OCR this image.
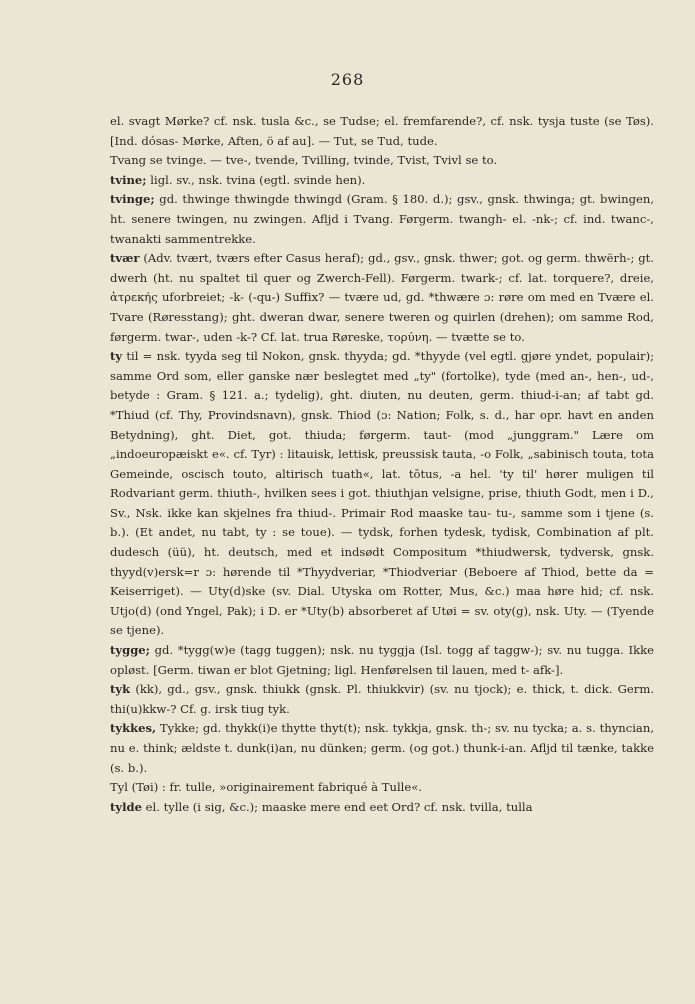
268

el. svagt Mørke? cf. nsk. tusla &c., se Tudse; el. fremfarende?, cf. nsk. tysja tuste (se Tøs). [Ind. dósas- Mørke, Aften, ö af au]. — Tut, se Tud, tude.

Tvang se tvinge. — tve-, tvende, Tvilling, tvinde, Tvist, Tvivl se to.

tvine; ligl. sv., nsk. tvina (egtl. svinde hen).

tvinge; gd. thwinge thwingde thwingd (Gram. § 180. d.); gsv., gnsk. thwinga; gt. bwingen, ht. senere twingen, nu zwingen. Afljd i Tvang. Førgerm. twangh- el. -nk-; cf. ind. twanc-, twanakti sammentrekke.

tvær (Adv. tvært, tværs efter Casus heraf); gd., gsv., gnsk. thwer; got. og germ. thwërh-; gt. dwerh (ht. nu spaltet til quer og Zwerch-Fell). Førgerm. twark-; cf. lat. torquere?, dreie, ἀτρεκής uforbreiet; -k- (-qu-) Suffix? — tvære ud, gd. *thwære ɔ: røre om med en Tvære el. Tvare (Røresstang); ght. dweran dwar, senere tweren og quirlen (drehen); om samme Rod, førgerm. twar-, uden -k-? Cf. lat. trua Røreske, τορύνη. — tvætte se to.

ty til = nsk. tyyda seg til Nokon, gnsk. thyyda; gd. *thyyde (vel egtl. gjøre yndet, populair); samme Ord som, eller ganske nær beslegtet med „ty" (fortolke), tyde (med an-, hen-, ud-, betyde : Gram. § 121. a.; tydelig), ght. diuten, nu deuten, germ. thiud-i-an; af tabt gd. *Thiud (cf. Thy, Provindsnavn), gnsk. Thiod (ɔ: Nation; Folk, s. d., har opr. havt en anden Betydning), ght. Diet, got. thiuda; førgerm. taut- (mod „junggram." Lære om „indoeuropæiskt e«. cf. Tyr) : litauisk, lettisk, preussisk tauta, -o Folk, „sabinisch touta, tota Gemeinde, oscisch touto, altirisch tuath«, lat. tōtus, -a hel. 'ty til' hører muligen til Rodvariant germ. thiuth-, hvilken sees i got. thiuthjan velsigne, prise, thiuth Godt, men i D., Sv., Nsk. ikke kan skjelnes fra thiud-. Primair Rod maaske tau- tu-, samme som i tjene (s. b.). (Et andet, nu tabt, ty : se toue). — tydsk, forhen tydesk, tydisk, Combination af plt. dudesch (üü), ht. deutsch, med et indsødt Compositum *thiudwersk, tydversk, gnsk. thyyd(v)ersk=r ɔ: hørende til *Thyydveriar, *Thiodveriar (Beboere af Thiod, bette da = Keiserriget). — Uty(d)ske (sv. Dial. Utyska om Rotter, Mus, &c.) maa høre hid; cf. nsk. Utjo(d) (ond Yngel, Pak); i D. er *Uty(b) absorberet af Utøi = sv. oty(g), nsk. Uty. — (Tyende se tjene).

tygge; gd. *tygg(w)e (tagg tuggen); nsk. nu tyggja (Isl. togg af taggw-); sv. nu tugga. Ikke opløst. [Germ. tiwan er blot Gjetning; ligl. Henførelsen til lauen, med t- afk-].

tyk (kk), gd., gsv., gnsk. thiukk (gnsk. Pl. thiukkvir) (sv. nu tjock); e. thick, t. dick. Germ. thi(u)kkw-? Cf. g. irsk tiug tyk.

tykkes, Tykke; gd. thykk(i)e thytte thyt(t); nsk. tykkja, gnsk. th-; sv. nu tycka; a. s. thyncian, nu e. think; ældste t. dunk(i)an, nu dünken; germ. (og got.) thunk-i-an. Afljd til tænke, takke (s. b.).

Tyl (Tøi) : fr. tulle, »originairement fabriqué à Tulle«.

tylde el. tylle (i sig, &c.); maaske mere end eet Ord? cf. nsk. tvilla, tulla
